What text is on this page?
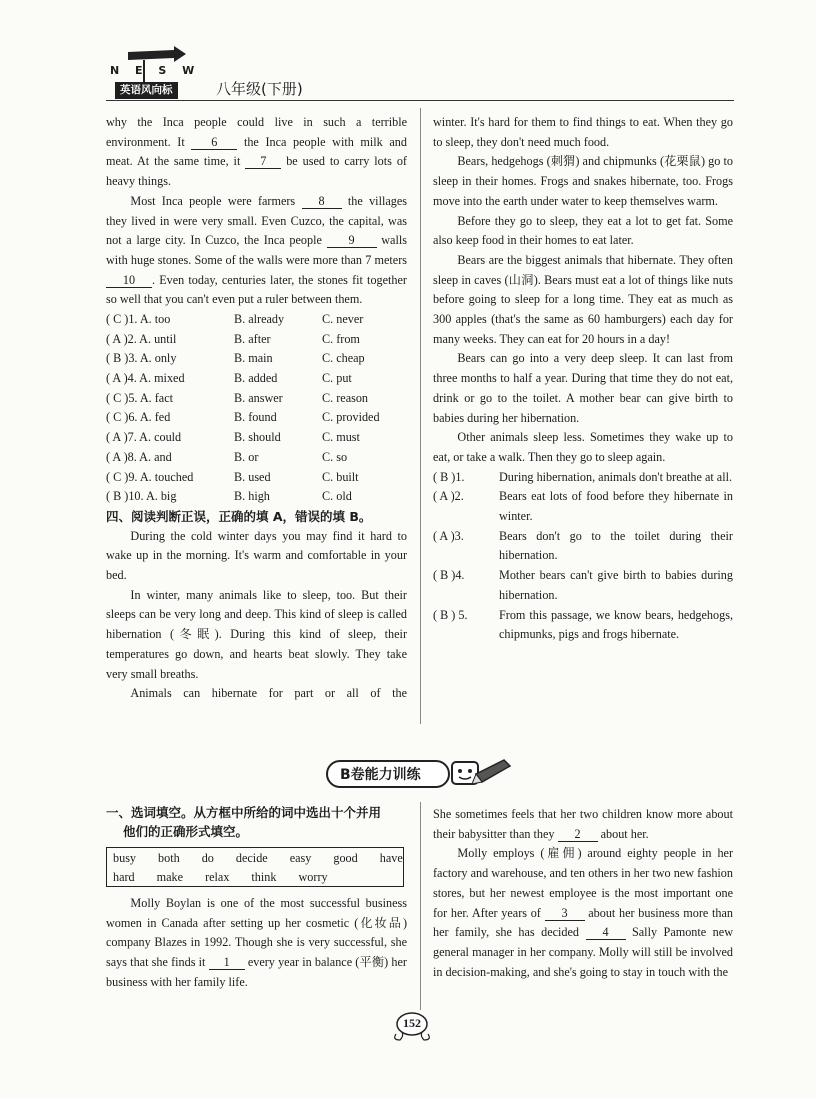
N E S W
英语风向标	八年级(下册)

why the Inca people could live in such a terrible environment. It 6 the Inca people with milk and meat. At the same time, it 7 be used to carry lots of heavy things.

Most Inca people were farmers 8 the villages they lived in were very small. Even Cuzco, the capital, was not a large city. In Cuzco, the Inca people 9 walls with huge stones. Some of the walls were more than 7 meters 10 . Even today, centuries later, the stones fit together so well that you can't even put a ruler between them.

( C )1. A. too	B. already	C. never
( A )2. A. until	B. after	C. from
( B )3. A. only	B. main	C. cheap
( A )4. A. mixed	B. added	C. put
( C )5. A. fact	B. answer	C. reason
( C )6. A. fed	B. found	C. provided
( A )7. A. could	B. should	C. must
( A )8. A. and	B. or	C. so
( C )9. A. touched	B. used	C. built
( B )10. A. big	B. high	C. old
四、阅读判断正误，正确的填 A，错误的填 B。

During the cold winter days you may find it hard to wake up in the morning. It's warm and comfortable in your bed.

In winter, many animals like to sleep, too. But their sleeps can be very long and deep. This kind of sleep is called hibernation (冬眠). During this kind of sleep, their temperatures go down, and hearts beat slowly. They take very small breaths.

Animals can hibernate for part or all of the

winter. It's hard for them to find things to eat. When they go to sleep, they don't need much food.

Bears, hedgehogs (刺猬) and chipmunks (花栗鼠) go to sleep in their homes. Frogs and snakes hibernate, too. Frogs move into the earth under water to keep themselves warm.

Before they go to sleep, they eat a lot to get fat. Some also keep food in their homes to eat later.

Bears are the biggest animals that hibernate. They often sleep in caves (山洞). Bears must eat a lot of things like nuts before going to sleep for a long time. They eat as much as 300 apples (that's the same as 60 hamburgers) each day for many weeks. They can eat for 20 hours in a day!

Bears can go into a very deep sleep. It can last from three months to half a year. During that time they do not eat, drink or go to the toilet. A mother bear can give birth to babies during her hibernation.

Other animals sleep less. Sometimes they wake up to eat, or take a walk. Then they go to sleep again.

( B )1.	During hibernation, animals don't breathe at all.
( A )2.	Bears eat lots of food before they hibernate in winter.
( A )3.	Bears don't go to the toilet during their hibernation.
( B )4.	Mother bears can't give birth to babies during hibernation.
( B ) 5.	From this passage, we know bears, hedgehogs, chipmunks, pigs and frogs hibernate.
B卷能力训练
一、选词填空。从方框中所给的词中选出十个并用
他们的正确形式填空。
busy both do decide easy good have
hard make relax think worry

Molly Boylan is one of the most successful business women in Canada after setting up her cosmetic (化妆品) company Blazes in 1992. Though she is very successful, she says that she finds it 1 every year in balance (平衡) her business with her family life.

She sometimes feels that her two children know more about their babysitter than they 2 about her.

Molly employs (雇佣) around eighty people in her factory and warehouse, and ten others in her two new fashion stores, but her newest employee is the most important one for her. After years of 3 about her business more than her family, she has decided 4 Sally Pamonte new general manager in her company. Molly will still be involved in decision-making, and she's going to stay in touch with the

152
